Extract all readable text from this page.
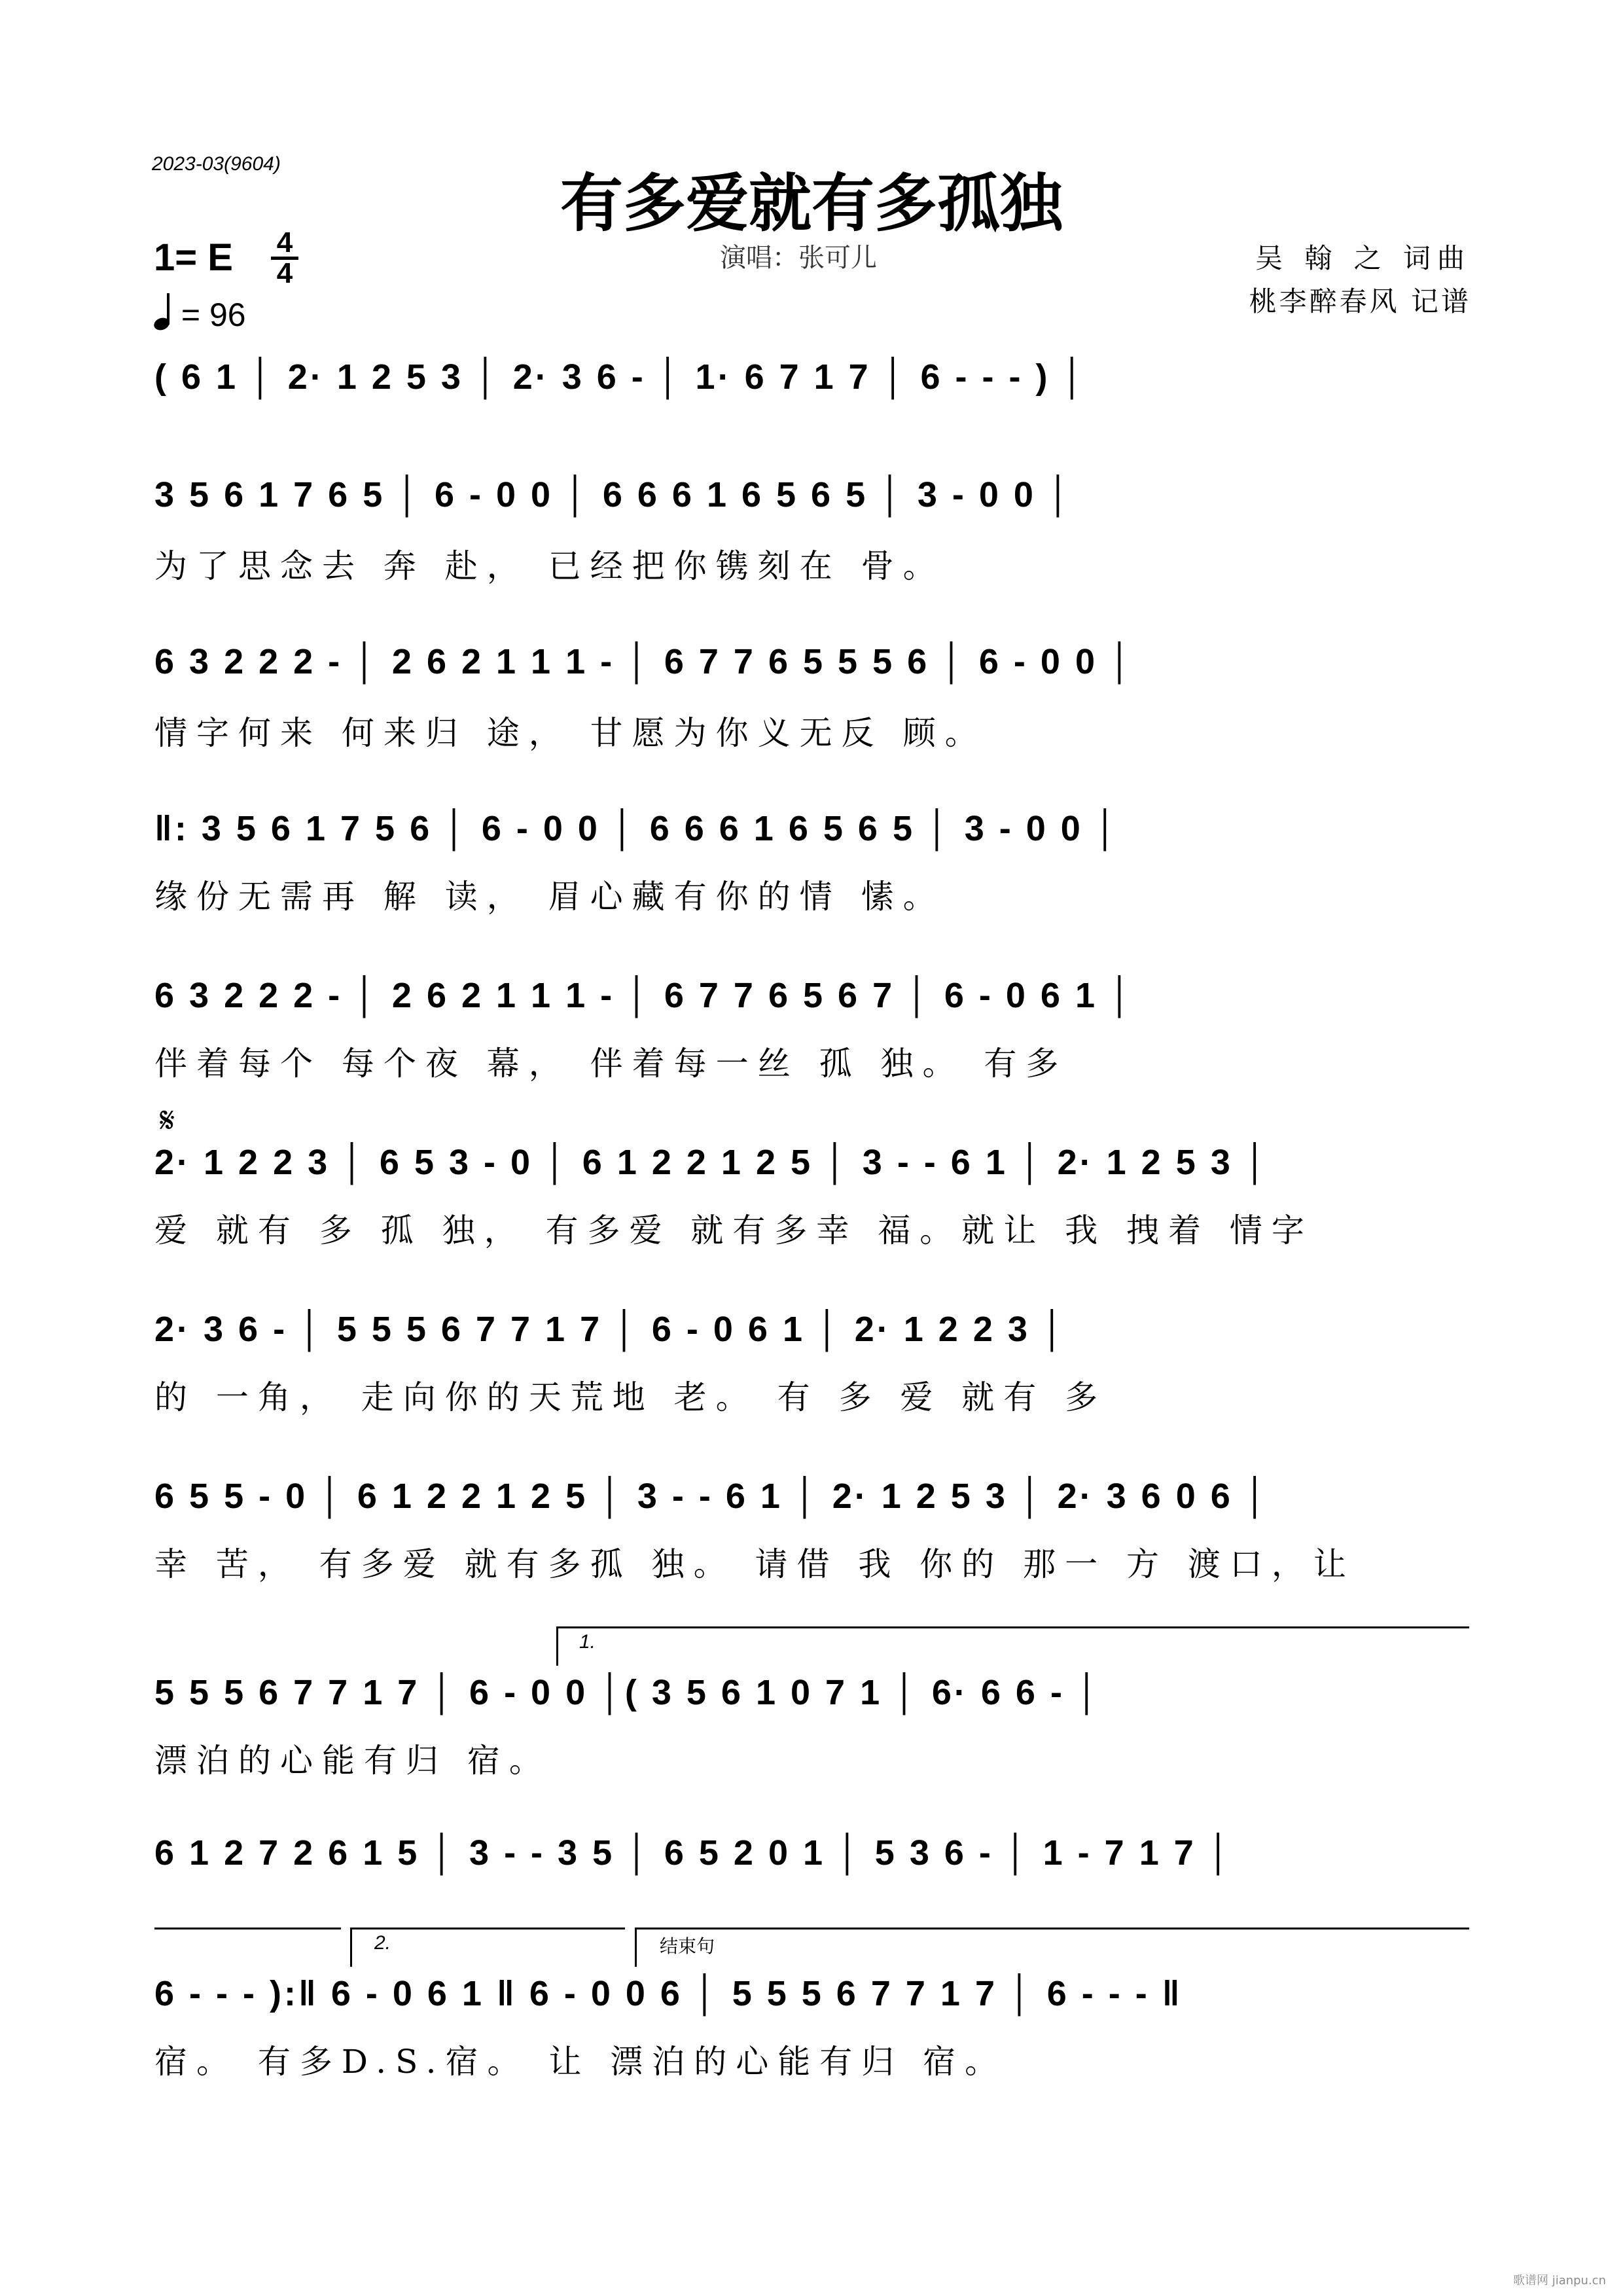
2023-03(9604)
有多爱就有多孤独
1= E 4
4
= 96
演唱：张可儿	吴 翰 之 词曲
桃李醉春风 记谱
𝄋
( 6 1 │ 2· 1 2 5 3 │ 2· 3 6 - │ 1· 6 7 1 7 │ 6 - - - ) │
3 5 6 1 7 6 5 │ 6 - 0 0 │ 6 6 6 1 6 5 6 5 │ 3 - 0 0 │
为了思念去 奔 赴， 已经把你镌刻在 骨。
6 3 2 2 2 - │ 2 6 2 1 1 1 - │ 6 7 7 6 5 5 5 6 │ 6 - 0 0 │
情字何来 何来归 途， 甘愿为你义无反 顾。
‖: 3 5 6 1 7 5 6 │ 6 - 0 0 │ 6 6 6 1 6 5 6 5 │ 3 - 0 0 │
缘份无需再 解 读， 眉心藏有你的情 愫。
6 3 2 2 2 - │ 2 6 2 1 1 1 - │ 6 7 7 6 5 6 7 │ 6 - 0 6 1 │
伴着每个 每个夜 幕， 伴着每一丝 孤 独。 有多
2· 1 2 2 3 │ 6 5 3 - 0 │ 6 1 2 2 1 2 5 │ 3 - - 6 1 │ 2· 1 2 5 3 │
爱 就有 多 孤 独， 有多爱 就有多幸 福。就让 我 拽着 情字
2· 3 6 - │ 5 5 5 6 7 7 1 7 │ 6 - 0 6 1 │ 2· 1 2 2 3 │
的 一角， 走向你的天荒地 老。 有 多 爱 就有 多
6 5 5 - 0 │ 6 1 2 2 1 2 5 │ 3 - - 6 1 │ 2· 1 2 5 3 │ 2· 3 6 0 6 │
幸 苦， 有多爱 就有多孤 独。 请借 我 你的 那一 方 渡口，让
1.
5 5 5 6 7 7 1 7 │ 6 - 0 0 │( 3 5 6 1 0 7 1 │ 6· 6 6 - │
漂泊的心能有归 宿。
6 1 2 7 2 6 1 5 │ 3 - - 3 5 │ 6 5 2 0 1 │ 5 3 6 - │ 1 - 7 1 7 │
2.	结束句
6 - - - ):‖ 6 - 0 6 1 ‖ 6 - 0 0 6 │ 5 5 5 6 7 7 1 7 │ 6 - - - ‖
宿。 有多D.S.宿。 让 漂泊的心能有归 宿。
歌谱网 jianpu.cn
